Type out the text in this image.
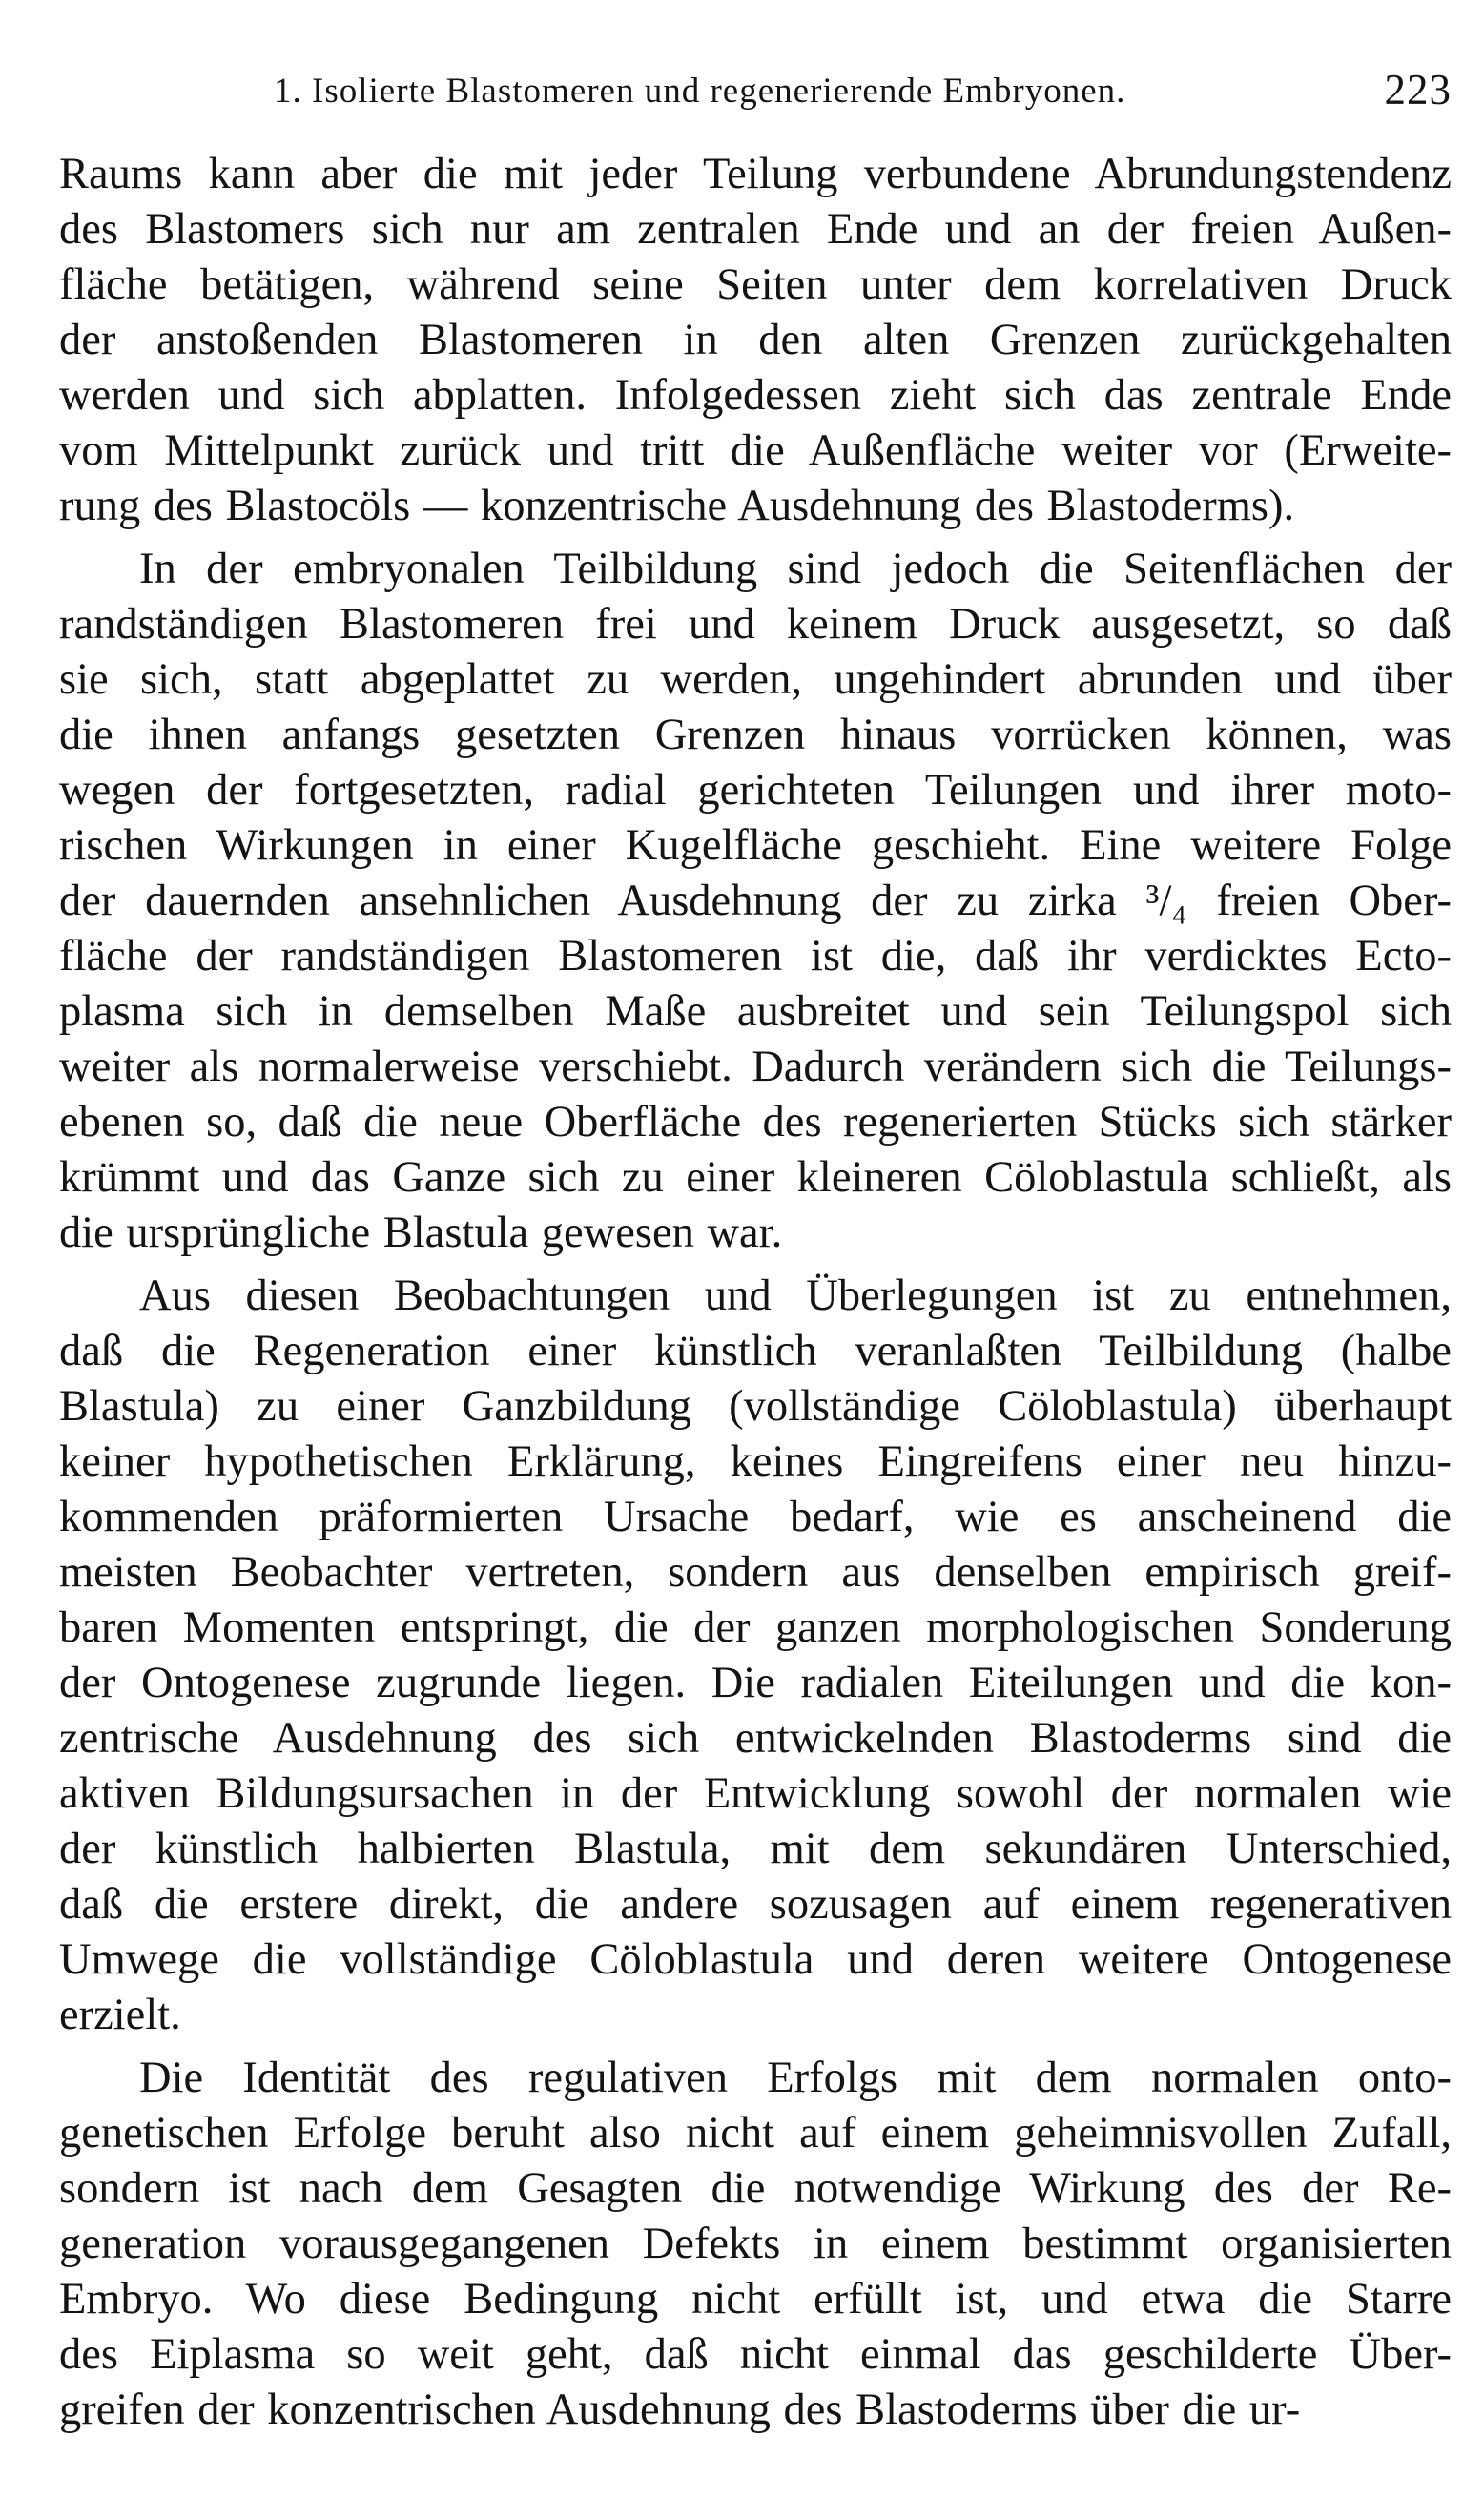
1. Isolierte Blastomeren und regenerierende Embryonen.	223
Raums kann aber die mit jeder Teilung verbundene Abrundungstendenz
des Blastomers sich nur am zentralen Ende und an der freien Außen-
fläche betätigen, während seine Seiten unter dem korrelativen Druck
der anstoßenden Blastomeren in den alten Grenzen zurückgehalten
werden und sich abplatten. Infolgedessen zieht sich das zentrale Ende
vom Mittelpunkt zurück und tritt die Außenfläche weiter vor (Erweite-
rung des Blastocöls — konzentrische Ausdehnung des Blastoderms).
In der embryonalen Teilbildung sind jedoch die Seitenflächen der
randständigen Blastomeren frei und keinem Druck ausgesetzt, so daß
sie sich, statt abgeplattet zu werden, ungehindert abrunden und über
die ihnen anfangs gesetzten Grenzen hinaus vorrücken können, was
wegen der fortgesetzten, radial gerichteten Teilungen und ihrer moto-
rischen Wirkungen in einer Kugelfläche geschieht. Eine weitere Folge
der dauernden ansehnlichen Ausdehnung der zu zirka ³/₄ freien Ober-
fläche der randständigen Blastomeren ist die, daß ihr verdicktes Ecto-
plasma sich in demselben Maße ausbreitet und sein Teilungspol sich
weiter als normalerweise verschiebt. Dadurch verändern sich die Teilungs-
ebenen so, daß die neue Oberfläche des regenerierten Stücks sich stärker
krümmt und das Ganze sich zu einer kleineren Cöloblastula schließt, als
die ursprüngliche Blastula gewesen war.
Aus diesen Beobachtungen und Überlegungen ist zu entnehmen,
daß die Regeneration einer künstlich veranlaßten Teilbildung (halbe
Blastula) zu einer Ganzbildung (vollständige Cöloblastula) überhaupt
keiner hypothetischen Erklärung, keines Eingreifens einer neu hinzu-
kommenden präformierten Ursache bedarf, wie es anscheinend die
meisten Beobachter vertreten, sondern aus denselben empirisch greif-
baren Momenten entspringt, die der ganzen morphologischen Sonderung
der Ontogenese zugrunde liegen. Die radialen Eiteilungen und die kon-
zentrische Ausdehnung des sich entwickelnden Blastoderms sind die
aktiven Bildungsursachen in der Entwicklung sowohl der normalen wie
der künstlich halbierten Blastula, mit dem sekundären Unterschied,
daß die erstere direkt, die andere sozusagen auf einem regenerativen
Umwege die vollständige Cöloblastula und deren weitere Ontogenese
erzielt.
Die Identität des regulativen Erfolgs mit dem normalen onto-
genetischen Erfolge beruht also nicht auf einem geheimnisvollen Zufall,
sondern ist nach dem Gesagten die notwendige Wirkung des der Re-
generation vorausgegangenen Defekts in einem bestimmt organisierten
Embryo. Wo diese Bedingung nicht erfüllt ist, und etwa die Starre
des Eiplasma so weit geht, daß nicht einmal das geschilderte Über-
greifen der konzentrischen Ausdehnung des Blastoderms über die ur-
